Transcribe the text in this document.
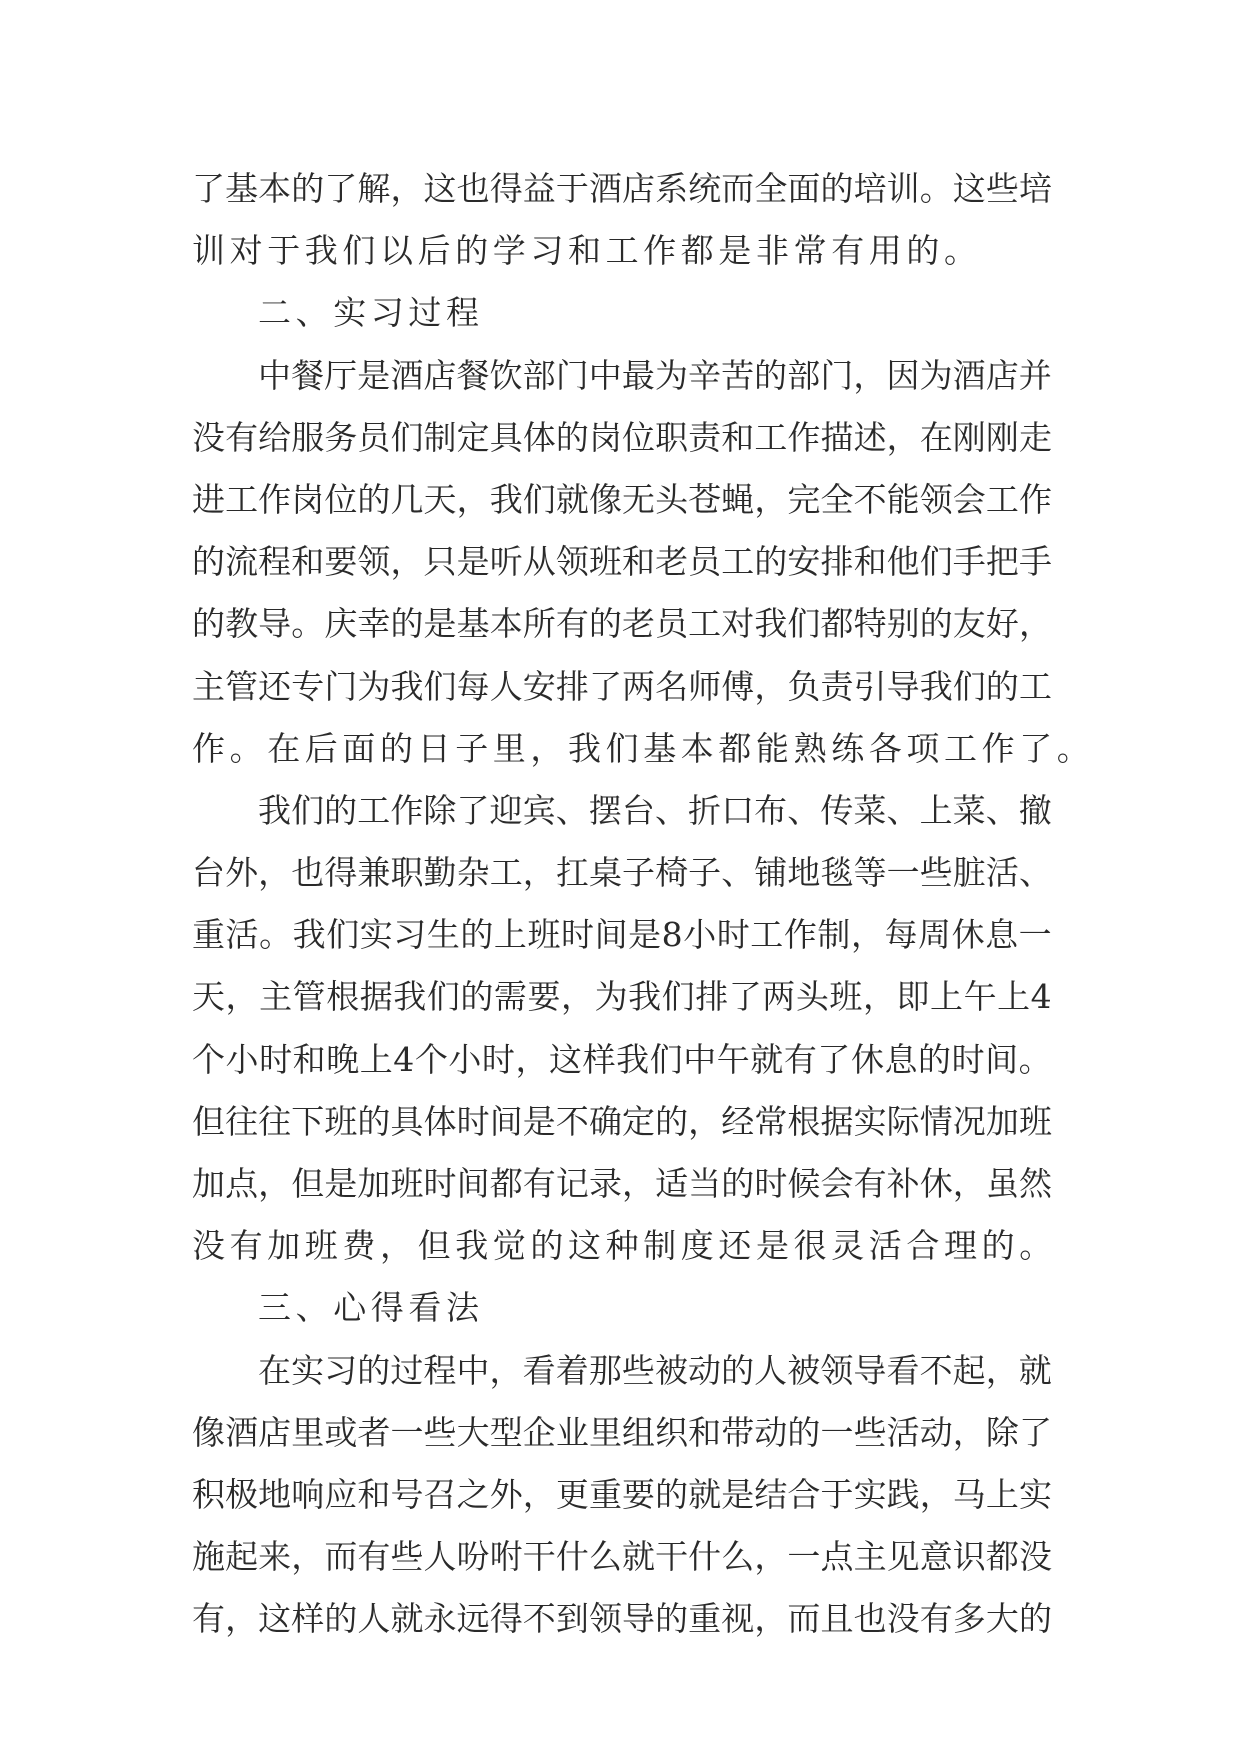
了 基 本 的 了 解 ， 这 也 得 益 于 酒 店 系 统 而 全 面 的 培 训 。 这 些 培
训对于我们以后的学习和工作都是非常有用的。
二、实习过程
中 餐 厅 是 酒 店 餐 饮 部 门 中 最 为 辛 苦 的 部 门 ， 因 为 酒 店 并
没 有 给 服 务 员 们 制 定 具 体 的 岗 位 职 责 和 工 作 描 述 ， 在 刚 刚 走
进 工 作 岗 位 的 几 天 ， 我 们 就 像 无 头 苍 蝇 ， 完 全 不 能 领 会 工 作
的 流 程 和 要 领 ， 只 是 听 从 领 班 和 老 员 工 的 安 排 和 他 们 手 把 手
的 教 导 。 庆 幸 的 是 基 本 所 有 的 老 员 工 对 我 们 都 特 别 的 友 好 ，
主 管 还 专 门 为 我 们 每 人 安 排 了 两 名 师 傅 ， 负 责 引 导 我 们 的 工
作。在后面的日子里，我们基本都能熟练各项工作了。
我 们 的 工 作 除 了 迎 宾 、 摆 台 、 折 口 布 、 传 菜 、 上 菜 、 撤
台 外 ， 也 得 兼 职 勤 杂 工 ， 扛 桌 子 椅 子 、 铺 地 毯 等 一 些 脏 活 、
重 活 。 我 们 实 习 生 的 上 班 时 间 是 8 小 时 工 作 制 ， 每 周 休 息 一
天 ， 主 管 根 据 我 们 的 需 要 ， 为 我 们 排 了 两 头 班 ， 即 上 午 上 4
个 小 时 和 晚 上 4 个 小 时 ， 这 样 我 们 中 午 就 有 了 休 息 的 时 间 。
但 往 往 下 班 的 具 体 时 间 是 不 确 定 的 ， 经 常 根 据 实 际 情 况 加 班
加 点 ， 但 是 加 班 时 间 都 有 记 录 ， 适 当 的 时 候 会 有 补 休 ， 虽 然
没有加班费，但我觉的这种制度还是很灵活合理的。
三、心得看法
在 实 习 的 过 程 中 ， 看 着 那 些 被 动 的 人 被 领 导 看 不 起 ， 就
像 酒 店 里 或 者 一 些 大 型 企 业 里 组 织 和 带 动 的 一 些 活 动 ， 除 了
积 极 地 响 应 和 号 召 之 外 ， 更 重 要 的 就 是 结 合 于 实 践 ， 马 上 实
施 起 来 ， 而 有 些 人 吩 咐 干 什 么 就 干 什 么 ， 一 点 主 见 意 识 都 没
有 ， 这 样 的 人 就 永 远 得 不 到 领 导 的 重 视 ， 而 且 也 没 有 多 大 的
